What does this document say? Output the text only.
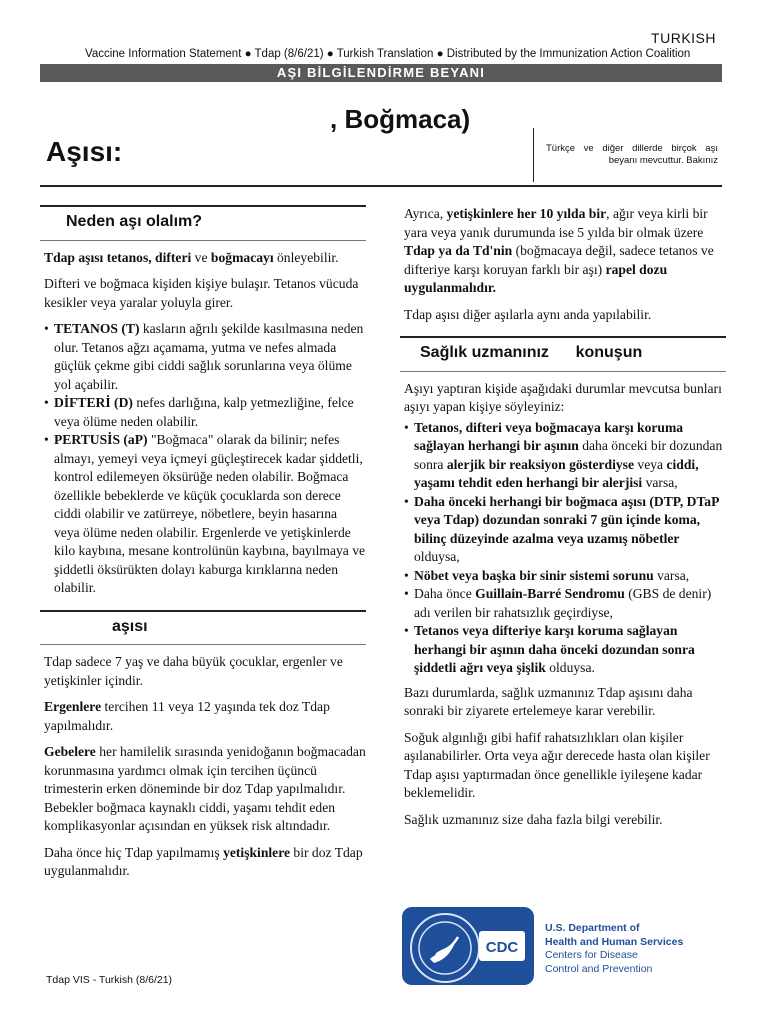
TURKISH
Vaccine Information Statement ● Tdap (8/6/21) ● Turkish Translation ● Distributed by the Immunization Action Coalition
AŞI BİLGİLENDİRME BEYANI
, Boğmaca)
Aşısı:	Türkçe ve diğer dillerde birçok aşı beyanı mevcuttur. Bakınız
Neden aşı olalım?

Tdap aşısı tetanos, difteri ve boğmacayı önleyebilir.

Difteri ve boğmaca kişiden kişiye bulaşır. Tetanos vücuda kesikler veya yaralar yoluyla girer.

• TETANOS (T) kasların ağrılı şekilde kasılmasına neden olur. Tetanos ağzı açamama, yutma ve nefes almada güçlük çekme gibi ciddi sağlık sorunlarına veya ölüme yol açabilir.
• DİFTERİ (D) nefes darlığına, kalp yetmezliğine, felce veya ölüme neden olabilir.
• PERTUSİS (aP) "Boğmaca" olarak da bilinir; nefes almayı, yemeyi veya içmeyi güçleştirecek kadar şiddetli, kontrol edilemeyen öksürüğe neden olabilir. Boğmaca özellikle bebeklerde ve küçük çocuklarda son derece ciddi olabilir ve zatürreye, nöbetlere, beyin hasarına veya ölüme neden olabilir. Ergenlerde ve yetişkinlerde kilo kaybına, mesane kontrolünün kaybına, bayılmaya ve şiddetli öksürükten dolayı kaburga kırıklarına neden olabilir.
aşısı

Tdap sadece 7 yaş ve daha büyük çocuklar, ergenler ve yetişkinler içindir.

Ergenlere tercihen 11 veya 12 yaşında tek doz Tdap yapılmalıdır.

Gebelere her hamilelik sırasında yenidoğanın boğmacadan korunmasına yardımcı olmak için tercihen üçüncü trimesterin erken döneminde bir doz Tdap yapılmalıdır. Bebekler boğmaca kaynaklı ciddi, yaşamı tehdit eden komplikasyonlar açısından en yüksek risk altındadır.

Daha önce hiç Tdap yapılmamış yetişkinlere bir doz Tdap uygulanmalıdır.

Ayrıca, yetişkinlere her 10 yılda bir, ağır veya kirli bir yara veya yanık durumunda ise 5 yılda bir olmak üzere Tdap ya da Td'nin (boğmacaya değil, sadece tetanos ve difteriye karşı koruyan farklı bir aşı) rapel dozu uygulanmalıdır.

Tdap aşısı diğer aşılarla aynı anda yapılabilir.

Sağlık uzmanınız      konuşun

Aşıyı yaptıran kişide aşağıdaki durumlar mevcutsa bunları aşıyı yapan kişiye söyleyiniz:

• Tetanos, difteri veya boğmacaya karşı koruma sağlayan herhangi bir aşının daha önceki bir dozundan sonra alerjik bir reaksiyon gösterdiyse veya ciddi, yaşamı tehdit eden herhangi bir alerjisi varsa,
• Daha önceki herhangi bir boğmaca aşısı (DTP, DTaP veya Tdap) dozundan sonraki 7 gün içinde koma, bilinç düzeyinde azalma veya uzamış nöbetler olduysa,
• Nöbet veya başka bir sinir sistemi sorunu varsa,
• Daha önce Guillain-Barré Sendromu (GBS de denir) adı verilen bir rahatsızlık geçirdiyse,
• Tetanos veya difteriye karşı koruma sağlayan herhangi bir aşının daha önceki dozundan sonra şiddetli ağrı veya şişlik olduysa.

Bazı durumlarda, sağlık uzmanınız Tdap aşısını daha sonraki bir ziyarete ertelemeye karar verebilir.

Soğuk algınlığı gibi hafif rahatsızlıkları olan kişiler aşılanabilirler. Orta veya ağır derecede hasta olan kişiler Tdap aşısı yaptırmadan önce genellikle iyileşene kadar beklemelidir.

Sağlık uzmanınız size daha fazla bilgi verebilir.

Tdap VIS - Turkish (8/6/21)
CDC
U.S. Department of
Health and Human Services
Centers for Disease
Control and Prevention
